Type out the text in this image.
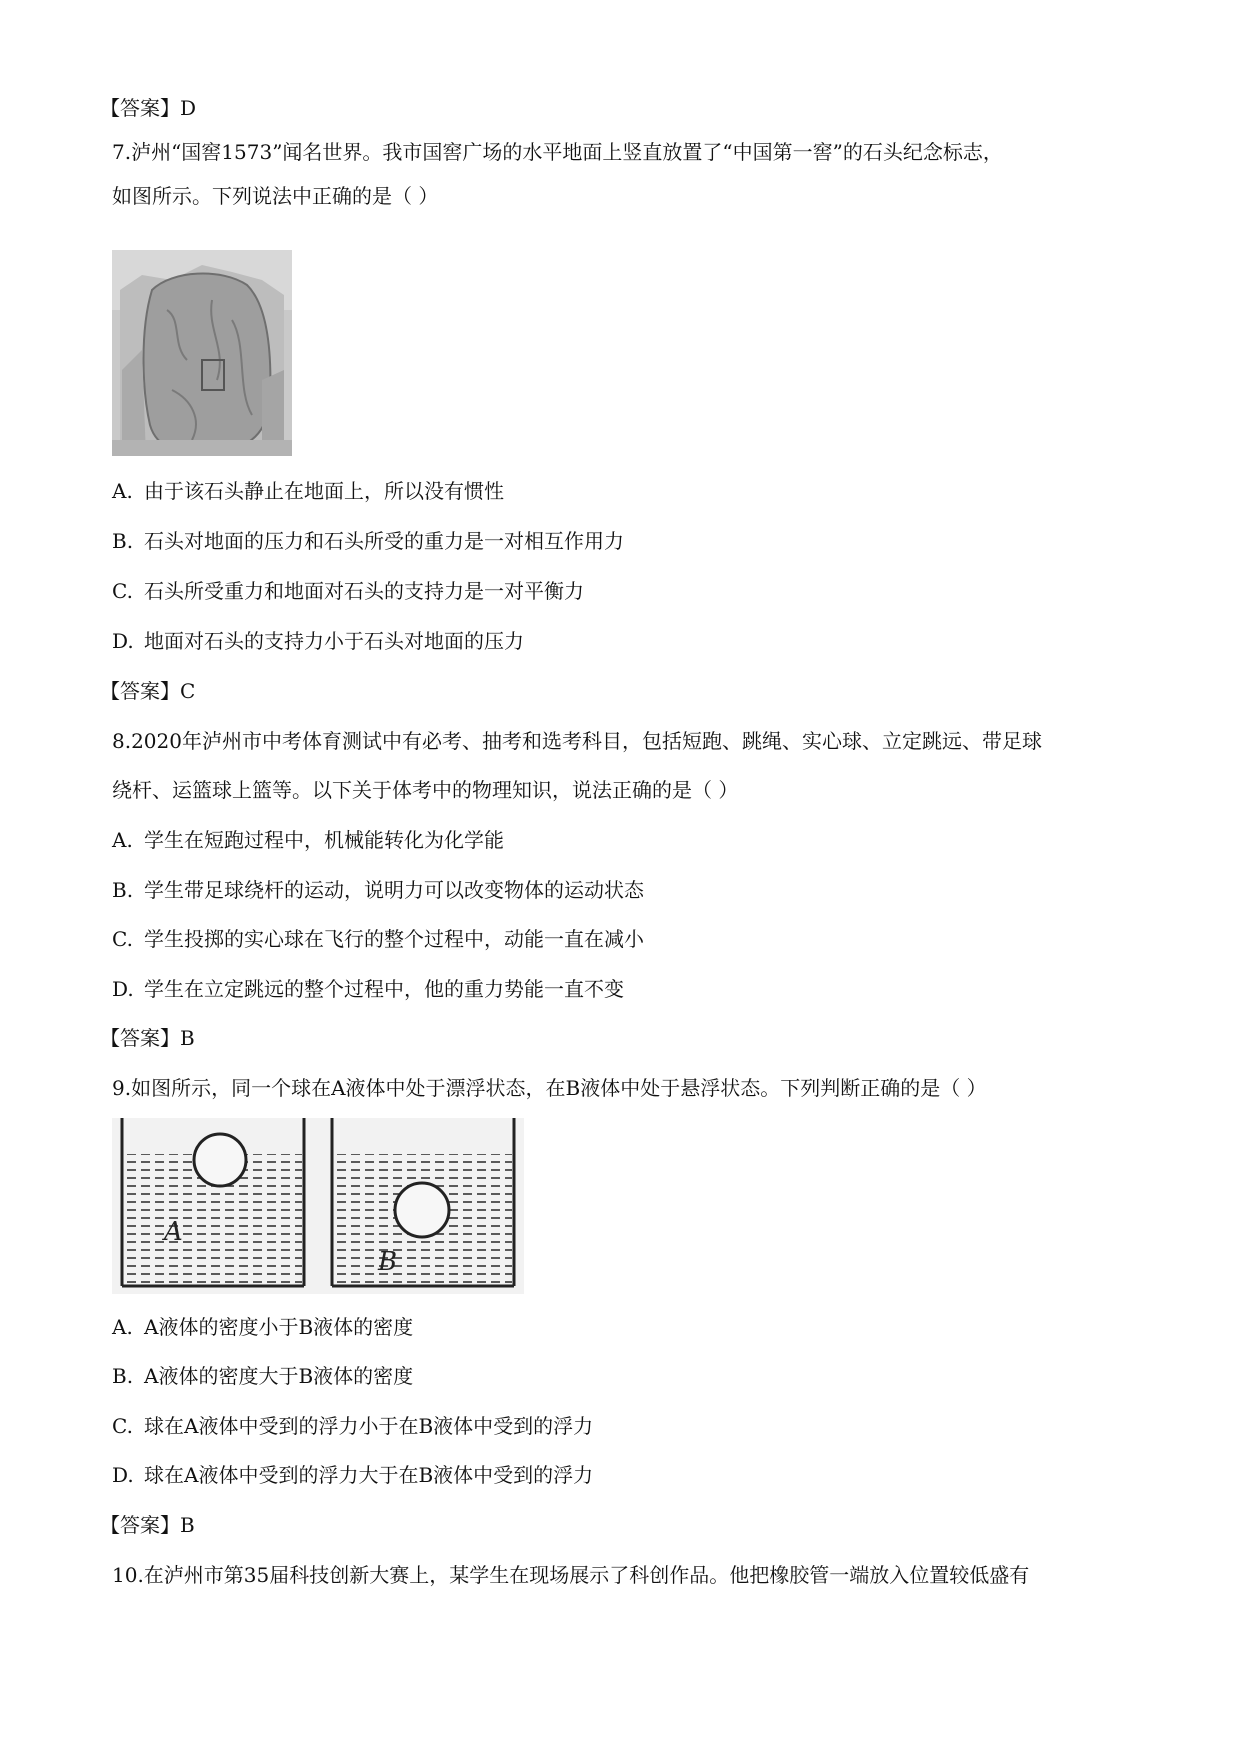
【答案】D
7.泸州“国窖1573”闻名世界。我市国窖广场的水平地面上竖直放置了“中国第一窖”的石头纪念标志，
如图所示。下列说法中正确的是（ ）
A. 由于该石头静止在地面上，所以没有惯性
B. 石头对地面的压力和石头所受的重力是一对相互作用力
C. 石头所受重力和地面对石头的支持力是一对平衡力
D. 地面对石头的支持力小于石头对地面的压力
【答案】C
8.2020年泸州市中考体育测试中有必考、抽考和选考科目，包括短跑、跳绳、实心球、立定跳远、带足球
绕杆、运篮球上篮等。以下关于体考中的物理知识，说法正确的是（ ）
A. 学生在短跑过程中，机械能转化为化学能
B. 学生带足球绕杆的运动，说明力可以改变物体的运动状态
C. 学生投掷的实心球在飞行的整个过程中，动能一直在减小
D. 学生在立定跳远的整个过程中，他的重力势能一直不变
【答案】B
9.如图所示，同一个球在A液体中处于漂浮状态，在B液体中处于悬浮状态。下列判断正确的是（ ）
A
B
A. A液体的密度小于B液体的密度
B. A液体的密度大于B液体的密度
C. 球在A液体中受到的浮力小于在B液体中受到的浮力
D. 球在A液体中受到的浮力大于在B液体中受到的浮力
【答案】B
10.在泸州市第35届科技创新大赛上，某学生在现场展示了科创作品。他把橡胶管一端放入位置较低盛有
